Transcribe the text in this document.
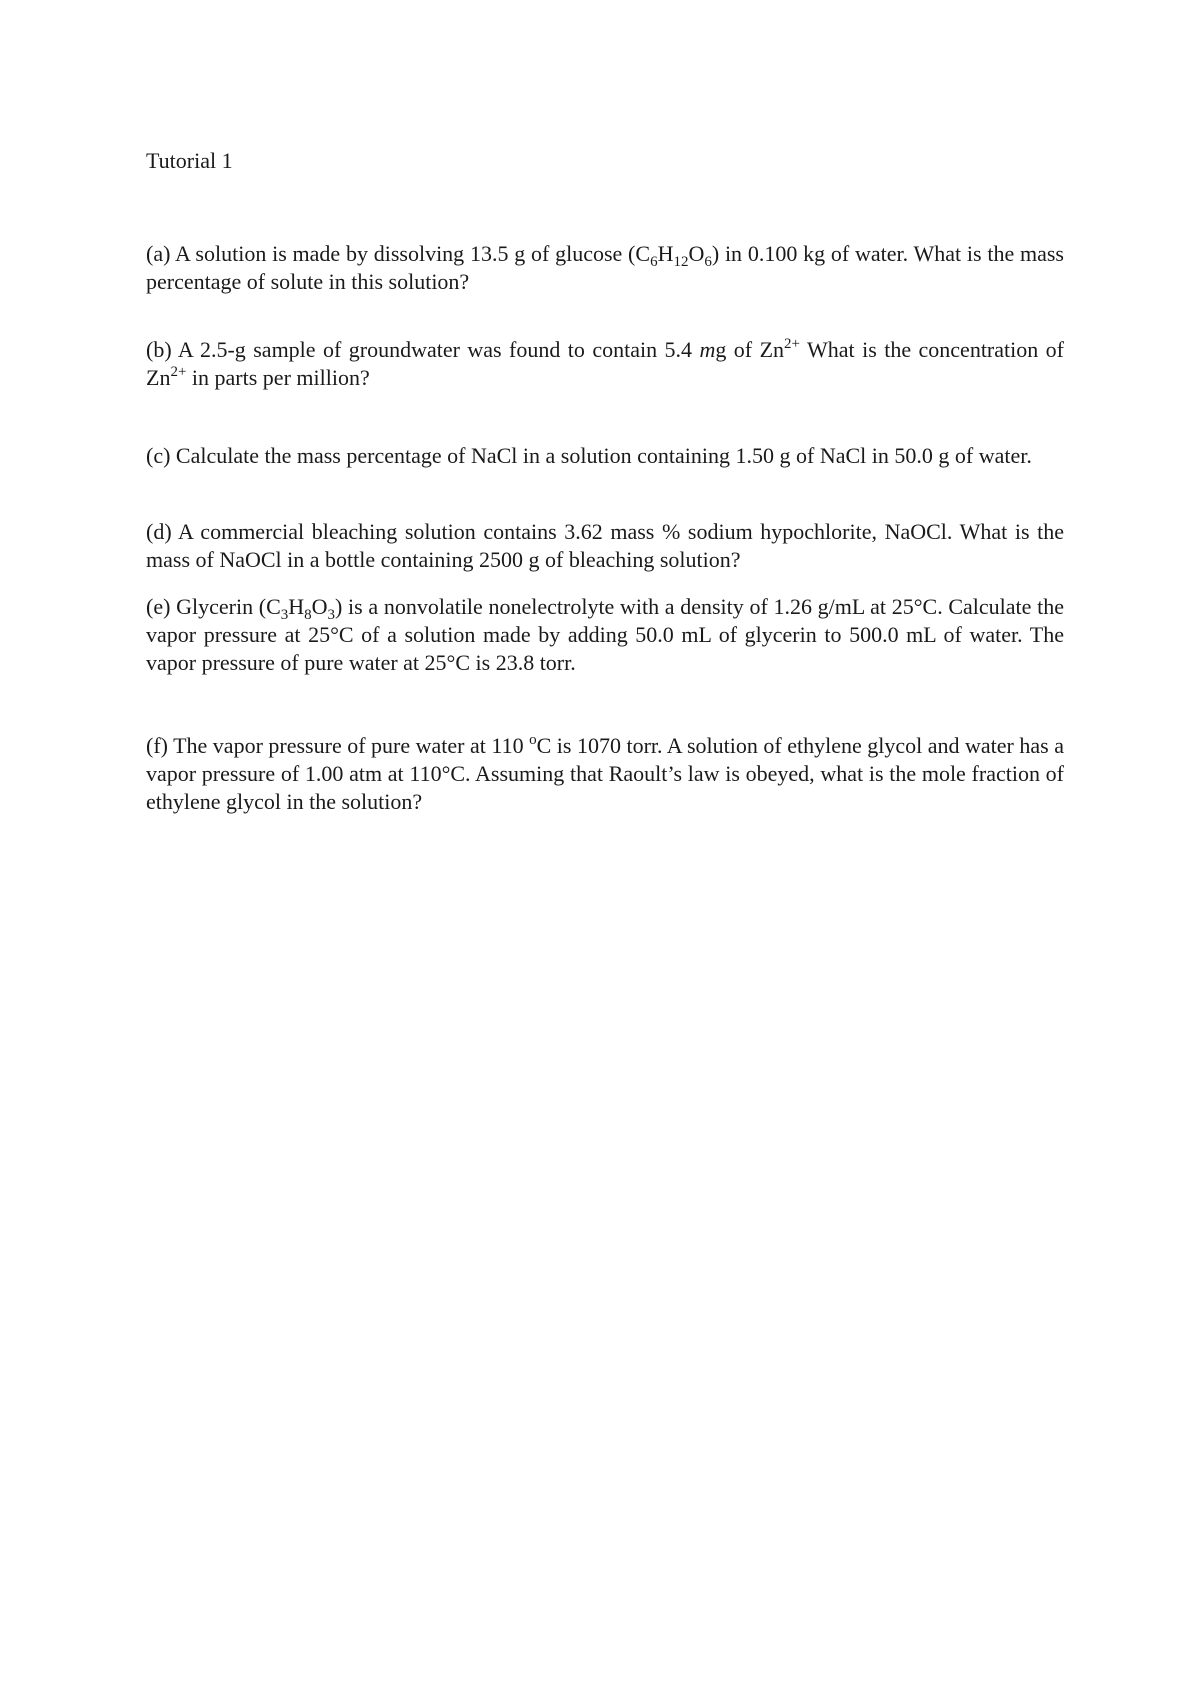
Tutorial 1
(a) A solution is made by dissolving 13.5 g of glucose $(C_6H_{12}O_6)$ in 0.100 kg of water. What is the mass percentage of solute in this solution?
(b) A 2.5-g sample of groundwater was found to contain 5.4 mg of $Zn^{2+}$ What is the concentration of $Zn^{2+}$ in parts per million?
(c) Calculate the mass percentage of NaCl in a solution containing 1.50 g of NaCl in 50.0 g of water.
(d) A commercial bleaching solution contains 3.62 mass % sodium hypochlorite, NaOCl. What is the mass of NaOCl in a bottle containing 2500 g of bleaching solution?
(e) Glycerin $(C_3H_8O_3)$ is a nonvolatile nonelectrolyte with a density of 1.26 g/mL at 25°C. Calculate the vapor pressure at 25°C of a solution made by adding 50.0 mL of glycerin to 500.0 mL of water. The vapor pressure of pure water at 25°C is 23.8 torr.
(f) The vapor pressure of pure water at 110 $^o$C is 1070 torr. A solution of ethylene glycol and water has a vapor pressure of 1.00 atm at 110°C. Assuming that Raoult’s law is obeyed, what is the mole fraction of ethylene glycol in the solution?
